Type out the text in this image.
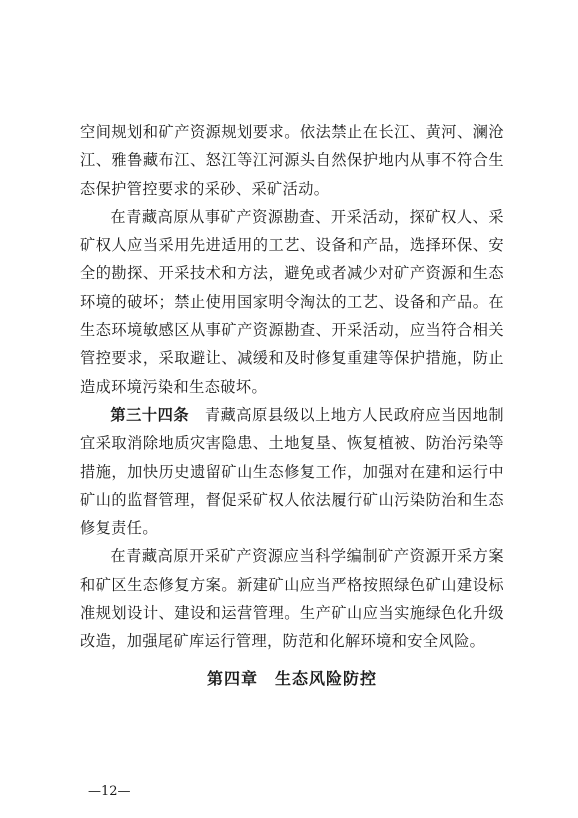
空间规划和矿产资源规划要求。依法禁止在长江、黄河、澜沧江、雅鲁藏布江、怒江等江河源头自然保护地内从事不符合生态保护管控要求的采砂、采矿活动。

在青藏高原从事矿产资源勘查、开采活动，探矿权人、采矿权人应当采用先进适用的工艺、设备和产品，选择环保、安全的勘探、开采技术和方法，避免或者减少对矿产资源和生态环境的破坏；禁止使用国家明令淘汰的工艺、设备和产品。在生态环境敏感区从事矿产资源勘查、开采活动，应当符合相关管控要求，采取避让、减缓和及时修复重建等保护措施，防止造成环境污染和生态破坏。

第三十四条　 青藏高原县级以上地方人民政府应当因地制宜采取消除地质灾害隐患、土地复垦、恢复植被、防治污染等措施，加快历史遗留矿山生态修复工作，加强对在建和运行中矿山的监督管理，督促采矿权人依法履行矿山污染防治和生态修复责任。

在青藏高原开采矿产资源应当科学编制矿产资源开采方案和矿区生态修复方案。新建矿山应当严格按照绿色矿山建设标准规划设计、建设和运营管理。生产矿山应当实施绿色化升级改造，加强尾矿库运行管理，防范和化解环境和安全风险。

第四章　生态风险防控
—12—
